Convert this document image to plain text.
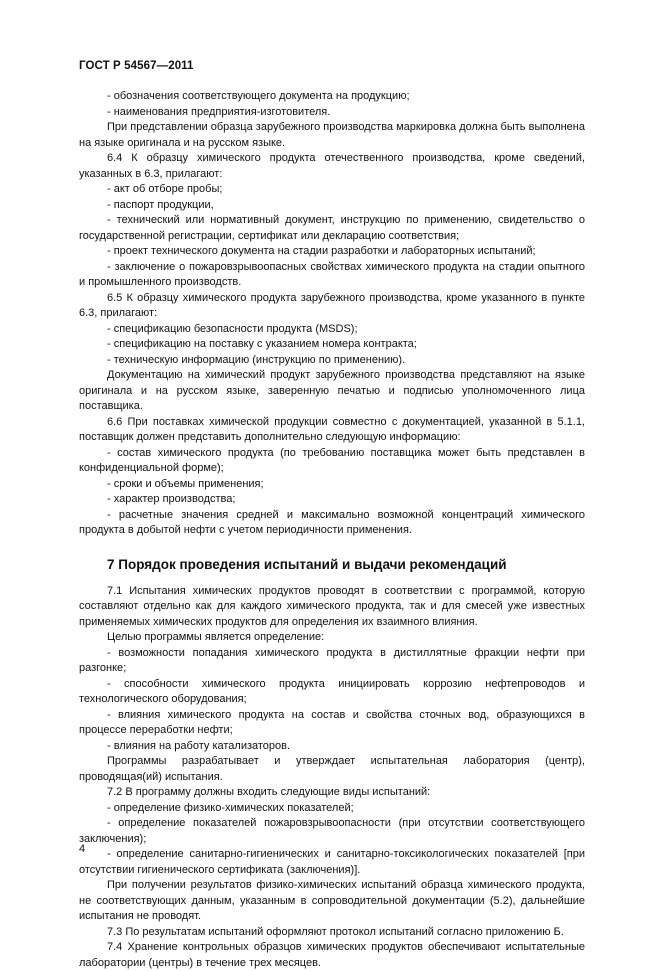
ГОСТ Р 54567—2011

- обозначения соответствующего документа на продукцию;

- наименования предприятия-изготовителя.

При представлении образца зарубежного производства маркировка должна быть выполнена на языке оригинала и на русском языке.

6.4 К образцу химического продукта отечественного производства, кроме сведений, указанных в 6.3, прилагают:

- акт об отборе пробы;

- паспорт продукции,

- технический или нормативный документ, инструкцию по применению, свидетельство о государственной регистрации, сертификат или декларацию соответствия;

- проект технического документа на стадии разработки и лабораторных испытаний;

- заключение о пожаровзрывоопасных свойствах химического продукта на стадии опытного и промышленного производств.

6.5 К образцу химического продукта зарубежного производства, кроме указанного в пункте 6.3, прилагают:

- спецификацию безопасности продукта (MSDS);

- спецификацию на поставку с указанием номера контракта;

- техническую информацию (инструкцию по применению).

Документацию на химический продукт зарубежного производства представляют на языке оригинала и на русском языке, заверенную печатью и подписью уполномоченного лица поставщика.

6.6 При поставках химической продукции совместно с документацией, указанной в 5.1.1, поставщик должен представить дополнительно следующую информацию:

- состав химического продукта (по требованию поставщика может быть представлен в конфиденциальной форме);

- сроки и объемы применения;

- характер производства;

- расчетные значения средней и максимально возможной концентраций химического продукта в добытой нефти с учетом периодичности применения.

7 Порядок проведения испытаний и выдачи рекомендаций

7.1 Испытания химических продуктов проводят в соответствии с программой, которую составляют отдельно как для каждого химического продукта, так и для смесей уже известных применяемых химических продуктов для определения их взаимного влияния.

Целью программы является определение:

- возможности попадания химического продукта в дистиллятные фракции нефти при разгонке;

- способности химического продукта инициировать коррозию нефтепроводов и технологического оборудования;

- влияния химического продукта на состав и свойства сточных вод, образующихся в процессе переработки нефти;

- влияния на работу катализаторов.

Программы разрабатывает и утверждает испытательная лаборатория (центр), проводящая(ий) испытания.

7.2 В программу должны входить следующие виды испытаний:

- определение физико-химических показателей;

- определение показателей пожаровзрывоопасности (при отсутствии соответствующего заключения);

- определение санитарно-гигиенических и санитарно-токсикологических показателей [при отсутствии гигиенического сертификата (заключения)].

При получении результатов физико-химических испытаний образца химического продукта, не соответствующих данным, указанным в сопроводительной документации (5.2), дальнейшие испытания не проводят.

7.3 По результатам испытаний оформляют протокол испытаний согласно приложению Б.

7.4 Хранение контрольных образцов химических продуктов обеспечивают испытательные лаборатории (центры) в течение трех месяцев.

4
